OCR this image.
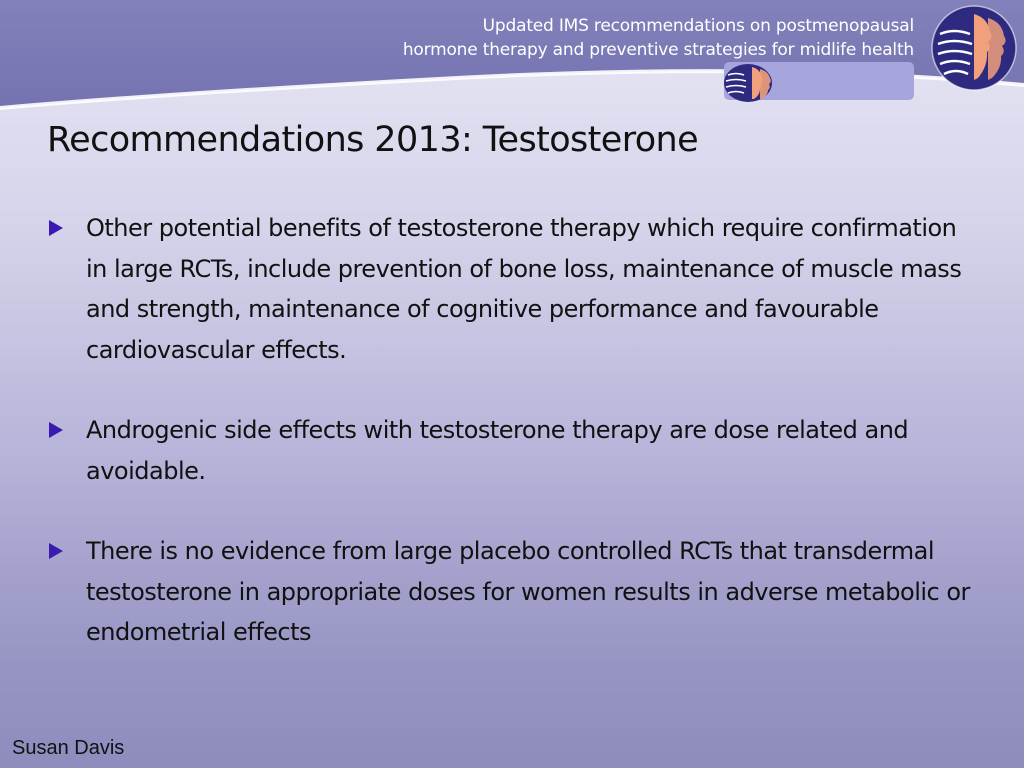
Updated IMS recommendations on postmenopausal
hormone therapy and preventive strategies for midlife health
Recommendations 2013: Testosterone
Other potential benefits of testosterone therapy which require confirmation in large RCTs, include prevention of bone loss, maintenance of muscle mass and strength, maintenance of cognitive performance and favourable cardiovascular effects.
Androgenic side effects with testosterone therapy are dose related and avoidable.
There is no evidence from large placebo controlled RCTs that transdermal testosterone in appropriate doses for women results in adverse metabolic or endometrial effects
Susan Davis
